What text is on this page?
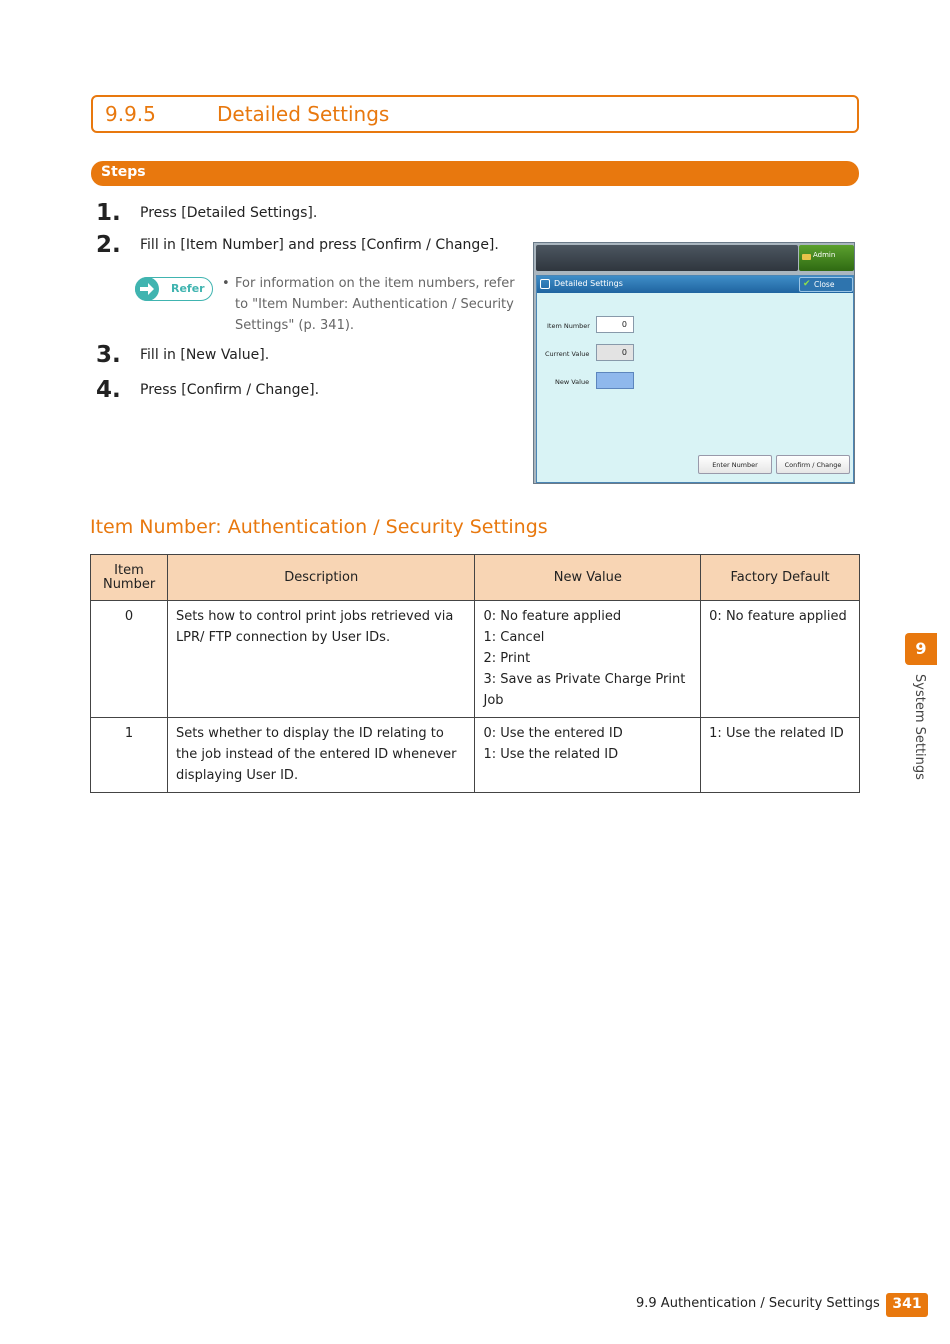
9.9.5	Detailed Settings
Steps
1. Press [Detailed Settings].
2. Fill in [Item Number] and press [Confirm / Change].
Refer • For information on the item numbers, refer to "Item Number: Authentication / Security Settings" (p. 341).
3. Fill in [New Value].
4. Press [Confirm / Change].
Admin
Detailed Settings	✔ Close
Item Number	0
Current Value	0
New Value
Enter Number	Confirm / Change
Item Number: Authentication / Security Settings
Item Number	Description	New Value	Factory Default
0	Sets how to control print jobs retrieved via LPR/ FTP connection by User IDs.	0: No feature applied
1: Cancel
2: Print
3: Save as Private Charge Print Job	0: No feature applied
1	Sets whether to display the ID relating to the job instead of the entered ID whenever displaying User ID.	0: Use the entered ID
1: Use the related ID	1: Use the related ID
9
System Settings
9.9 Authentication / Security Settings 341
